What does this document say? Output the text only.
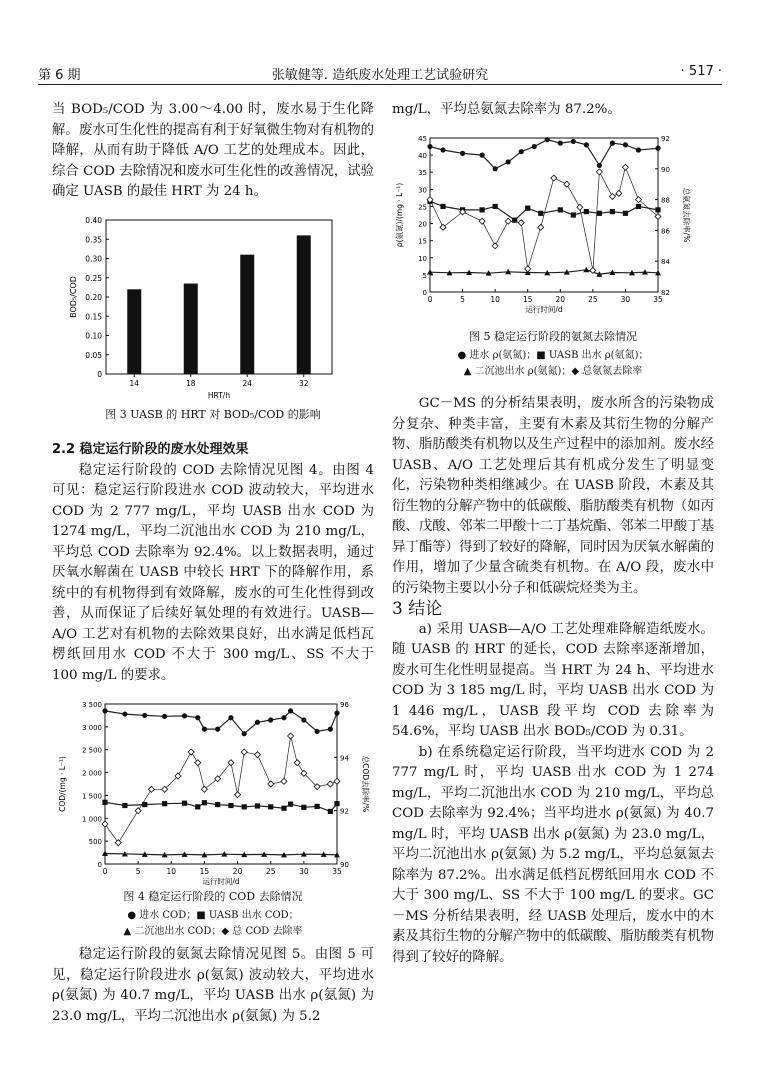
第 6 期	张敏健等. 造纸废水处理工艺试验研究	· 517 ·

当 BOD₅/COD 为 3.00～4.00 时，废水易于生化降解。废水可生化性的提高有利于好氧微生物对有机物的降解，从而有助于降低 A/O 工艺的处理成本。因此，综合 COD 去除情况和废水可生化性的改善情况，试验确定 UASB 的最佳 HRT 为 24 h。

0
0.05
0.10
0.15
0.20
0.25
0.30
0.35
0.40
14	18	24	32
HRT/h
BOD₅/COD
图 3 UASB 的 HRT 对 BOD₅/COD 的影响

2.2 稳定运行阶段的废水处理效果

稳定运行阶段的 COD 去除情况见图 4。由图 4 可见：稳定运行阶段进水 COD 波动较大，平均进水 COD 为 2 777 mg/L，平均 UASB 出水 COD 为 1274 mg/L，平均二沉池出水 COD 为 210 mg/L，平均总 COD 去除率为 92.4%。以上数据表明，通过厌氧水解菌在 UASB 中较长 HRT 下的降解作用，系统中的有机物得到有效降解，废水的可生化性得到改善，从而保证了后续好氧处理的有效进行。UASB—A/O 工艺对有机物的去除效果良好，出水满足低档瓦楞纸回用水 COD 不大于 300 mg/L、SS 不大于 100 mg/L 的要求。

0	5	10	15	20	25	30	35
0
500
1 000
1 500
2 000
2 500
3 000
3 500
90
92
94
96
运行时间/d
COD/(mg · L⁻¹)	总COD去除率/%
图 4 稳定运行阶段的 COD 去除情况
● 进水 COD；■ UASB 出水 COD；
▲ 二沉池出水 COD；◆ 总 COD 去除率

稳定运行阶段的氨氮去除情况见图 5。由图 5 可见，稳定运行阶段进水 ρ(氨氮) 波动较大，平均进水 ρ(氨氮) 为 40.7 mg/L，平均 UASB 出水 ρ(氨氮) 为 23.0 mg/L，平均二沉池出水 ρ(氨氮) 为 5.2

mg/L，平均总氨氮去除率为 87.2%。

0	5	10	15	20	25	30	35
0
5
10
15
20
25
30
35
40
45
82
84
86
88
90
92
运行时间/d
ρ(氨氮)/(mg · L⁻¹)	总氨氮去除率/%
图 5 稳定运行阶段的氨氮去除情况
● 进水 ρ(氨氮)；■ UASB 出水 ρ(氨氮)；
▲ 二沉池出水 ρ(氨氮)；◆ 总氨氮去除率

GC－MS 的分析结果表明，废水所含的污染物成分复杂、种类丰富，主要有木素及其衍生物的分解产物、脂肪酸类有机物以及生产过程中的添加剂。废水经 UASB、A/O 工艺处理后其有机成分发生了明显变化，污染物种类相继减少。在 UASB 阶段，木素及其衍生物的分解产物中的低碳酸、脂肪酸类有机物（如丙酸、戊酸、邻苯二甲酸十二丁基烷酯、邻苯二甲酸丁基异丁酯等）得到了较好的降解，同时因为厌氧水解菌的作用，增加了少量含硫类有机物。在 A/O 段，废水中的污染物主要以小分子和低碳烷烃类为主。

3 结论

a) 采用 UASB—A/O 工艺处理难降解造纸废水。随 UASB 的 HRT 的延长，COD 去除率逐渐增加，废水可生化性明显提高。当 HRT 为 24 h、平均进水 COD 为 3 185 mg/L 时，平均 UASB 出水 COD 为 1 446 mg/L，UASB 段平均 COD 去除率为 54.6%，平均 UASB 出水 BOD₅/COD 为 0.31。

b) 在系统稳定运行阶段，当平均进水 COD 为 2 777 mg/L 时，平均 UASB 出水 COD 为 1 274 mg/L，平均二沉池出水 COD 为 210 mg/L，平均总 COD 去除率为 92.4%；当平均进水 ρ(氨氮) 为 40.7 mg/L 时，平均 UASB 出水 ρ(氨氮) 为 23.0 mg/L，平均二沉池出水 ρ(氨氮) 为 5.2 mg/L，平均总氨氮去除率为 87.2%。出水满足低档瓦楞纸回用水 COD 不大于 300 mg/L、SS 不大于 100 mg/L 的要求。GC－MS 分析结果表明，经 UASB 处理后，废水中的木素及其衍生物的分解产物中的低碳酸、脂肪酸类有机物得到了较好的降解。
